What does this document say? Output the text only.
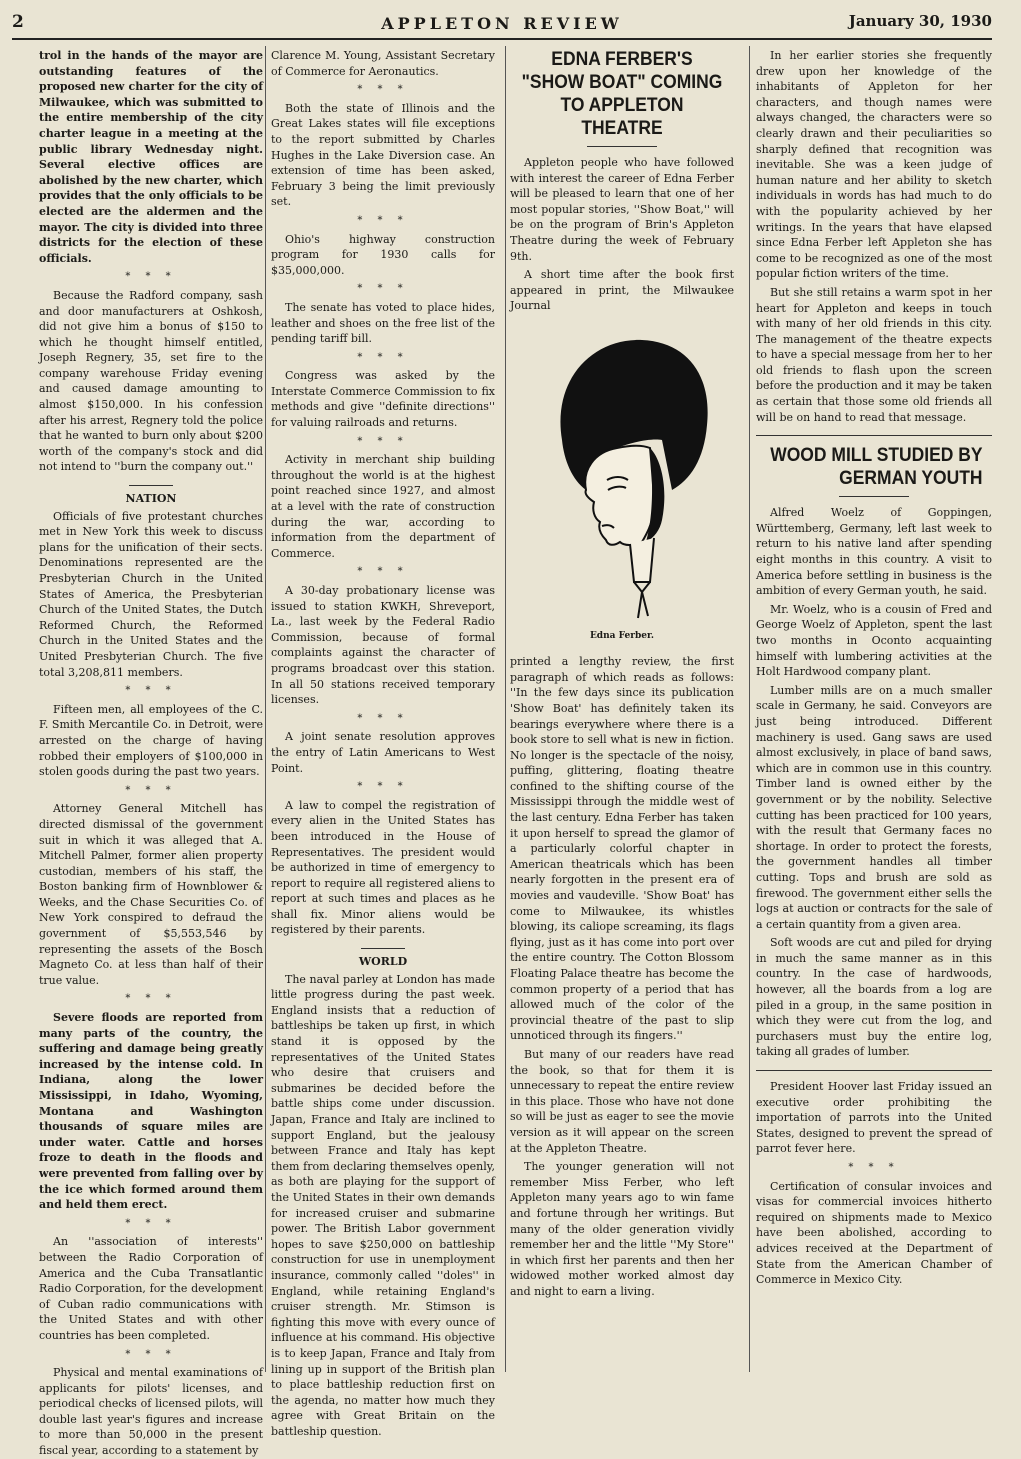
2	APPLETON REVIEW	January 30, 1930

trol in the hands of the mayor are outstanding features of the proposed new charter for the city of Milwaukee, which was submitted to the entire membership of the city charter league in a meeting at the public library Wednesday night. Several elective offices are abolished by the new charter, which provides that the only officials to be elected are the aldermen and the mayor. The city is divided into three districts for the election of these officials.

* * *

Because the Radford company, sash and door manufacturers at Oshkosh, did not give him a bonus of $150 to which he thought himself entitled, Joseph Regnery, 35, set fire to the company warehouse Friday evening and caused damage amounting to almost $150,000. In his confession after his arrest, Regnery told the police that he wanted to burn only about $200 worth of the company's stock and did not intend to ''burn the company out.''

NATION

Officials of five protestant churches met in New York this week to discuss plans for the unification of their sects. Denominations represented are the Presbyterian Church in the United States of America, the Presbyterian Church of the United States, the Dutch Reformed Church, the Reformed Church in the United States and the United Presbyterian Church. The five total 3,208,811 members.

* * *

Fifteen men, all employees of the C. F. Smith Mercantile Co. in Detroit, were arrested on the charge of having robbed their employers of $100,000 in stolen goods during the past two years.

* * *

Attorney General Mitchell has directed dismissal of the government suit in which it was alleged that A. Mitchell Palmer, former alien property custodian, members of his staff, the Boston banking firm of Hownblower & Weeks, and the Chase Securities Co. of New York conspired to defraud the government of $5,553,546 by representing the assets of the Bosch Magneto Co. at less than half of their true value.

* * *

Severe floods are reported from many parts of the country, the suffering and damage being greatly increased by the intense cold. In Indiana, along the lower Mississippi, in Idaho, Wyoming, Montana and Washington thousands of square miles are under water. Cattle and horses froze to death in the floods and were prevented from falling over by the ice which formed around them and held them erect.

* * *

An ''association of interests'' between the Radio Corporation of America and the Cuba Transatlantic Radio Corporation, for the development of Cuban radio communications with the United States and with other countries has been completed.

* * *

Physical and mental examinations of applicants for pilots' licenses, and periodical checks of licensed pilots, will double last year's figures and increase to more than 50,000 in the present fiscal year, according to a statement by

Clarence M. Young, Assistant Secretary of Commerce for Aeronautics.

* * *

Both the state of Illinois and the Great Lakes states will file exceptions to the report submitted by Charles Hughes in the Lake Diversion case. An extension of time has been asked, February 3 being the limit previously set.

* * *

Ohio's highway construction program for 1930 calls for $35,000,000.

* * *

The senate has voted to place hides, leather and shoes on the free list of the pending tariff bill.

* * *

Congress was asked by the Interstate Commerce Commission to fix methods and give ''definite directions'' for valuing railroads and returns.

* * *

Activity in merchant ship building throughout the world is at the highest point reached since 1927, and almost at a level with the rate of construction during the war, according to information from the department of Commerce.

* * *

A 30-day probationary license was issued to station KWKH, Shreveport, La., last week by the Federal Radio Commission, because of formal complaints against the character of programs broadcast over this station. In all 50 stations received temporary licenses.

* * *

A joint senate resolution approves the entry of Latin Americans to West Point.

* * *

A law to compel the registration of every alien in the United States has been introduced in the House of Representatives. The president would be authorized in time of emergency to report to require all registered aliens to report at such times and places as he shall fix. Minor aliens would be registered by their parents.

WORLD

The naval parley at London has made little progress during the past week. England insists that a reduction of battleships be taken up first, in which stand it is opposed by the representatives of the United States who desire that cruisers and submarines be decided before the battle ships come under discussion. Japan, France and Italy are inclined to support England, but the jealousy between France and Italy has kept them from declaring themselves openly, as both are playing for the support of the United States in their own demands for increased cruiser and submarine power. The British Labor government hopes to save $250,000 on battleship construction for use in unemployment insurance, commonly called ''doles'' in England, while retaining England's cruiser strength. Mr. Stimson is fighting this move with every ounce of influence at his command. His objective is to keep Japan, France and Italy from lining up in support of the British plan to place battleship reduction first on the agenda, no matter how much they agree with Great Britain on the battleship question.

EDNA FERBER'S "SHOW BOAT" COMING TO APPLETON THEATRE

Appleton people who have followed with interest the career of Edna Ferber will be pleased to learn that one of her most popular stories, ''Show Boat,'' will be on the program of Brin's Appleton Theatre during the week of February 9th.

A short time after the book first appeared in print, the Milwaukee Journal

Edna Ferber.

printed a lengthy review, the first paragraph of which reads as follows: ''In the few days since its publication 'Show Boat' has definitely taken its bearings everywhere where there is a book store to sell what is new in fiction. No longer is the spectacle of the noisy, puffing, glittering, floating theatre confined to the shifting course of the Mississippi through the middle west of the last century. Edna Ferber has taken it upon herself to spread the glamor of a particularly colorful chapter in American theatricals which has been nearly forgotten in the present era of movies and vaudeville. 'Show Boat' has come to Milwaukee, its whistles blowing, its caliope screaming, its flags flying, just as it has come into port over the entire country. The Cotton Blossom Floating Palace theatre has become the common property of a period that has allowed much of the color of the provincial theatre of the past to slip unnoticed through its fingers.''

But many of our readers have read the book, so that for them it is unnecessary to repeat the entire review in this place. Those who have not done so will be just as eager to see the movie version as it will appear on the screen at the Appleton Theatre.

The younger generation will not remember Miss Ferber, who left Appleton many years ago to win fame and fortune through her writings. But many of the older generation vividly remember her and the little ''My Store'' in which first her parents and then her widowed mother worked almost day and night to earn a living.

In her earlier stories she frequently drew upon her knowledge of the inhabitants of Appleton for her characters, and though names were always changed, the characters were so clearly drawn and their peculiarities so sharply defined that recognition was inevitable. She was a keen judge of human nature and her ability to sketch individuals in words has had much to do with the popularity achieved by her writings. In the years that have elapsed since Edna Ferber left Appleton she has come to be recognized as one of the most popular fiction writers of the time.

But she still retains a warm spot in her heart for Appleton and keeps in touch with many of her old friends in this city. The management of the theatre expects to have a special message from her to her old friends to flash upon the screen before the production and it may be taken as certain that those some old friends all will be on hand to read that message.

WOOD MILL STUDIED BY GERMAN YOUTH

Alfred Woelz of Goppingen, Württemberg, Germany, left last week to return to his native land after spending eight months in this country. A visit to America before settling in business is the ambition of every German youth, he said.

Mr. Woelz, who is a cousin of Fred and George Woelz of Appleton, spent the last two months in Oconto acquainting himself with lumbering activities at the Holt Hardwood company plant.

Lumber mills are on a much smaller scale in Germany, he said. Conveyors are just being introduced. Different machinery is used. Gang saws are used almost exclusively, in place of band saws, which are in common use in this country. Timber land is owned either by the government or by the nobility. Selective cutting has been practiced for 100 years, with the result that Germany faces no shortage. In order to protect the forests, the government handles all timber cutting. Tops and brush are sold as firewood. The government either sells the logs at auction or contracts for the sale of a certain quantity from a given area.

Soft woods are cut and piled for drying in much the same manner as in this country. In the case of hardwoods, however, all the boards from a log are piled in a group, in the same position in which they were cut from the log, and purchasers must buy the entire log, taking all grades of lumber.

President Hoover last Friday issued an executive order prohibiting the importation of parrots into the United States, designed to prevent the spread of parrot fever here.

* * *

Certification of consular invoices and visas for commercial invoices hitherto required on shipments made to Mexico have been abolished, according to advices received at the Department of State from the American Chamber of Commerce in Mexico City.
